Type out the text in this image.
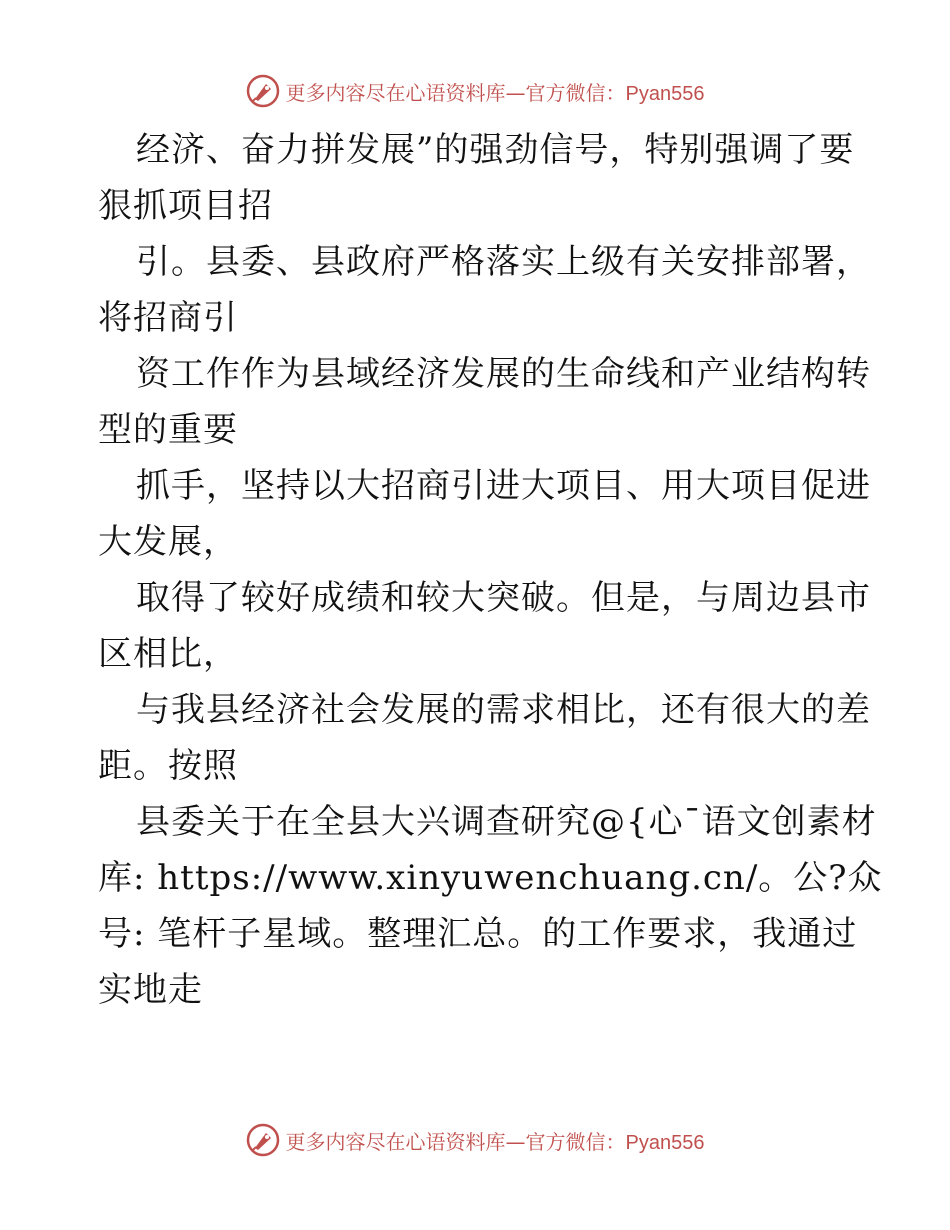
更多内容尽在心语资料库—官方微信：Pyan556
经济、奋力拼发展”的强劲信号，特别强调了要
狠抓项目招
引。县委、县政府严格落实上级有关安排部署，
将招商引
资工作作为县域经济发展的生命线和产业结构转
型的重要
抓手，坚持以大招商引进大项目、用大项目促进
大发展，
取得了较好成绩和较大突破。但是，与周边县市
区相比，
与我县经济社会发展的需求相比，还有很大的差
距。按照
县委关于在全县大兴调查研究@{心¯语文创素材
库: https://www.xinyuwenchuang.cn/。公?众
号: 笔杆子星域。整理汇总。的工作要求，我通过
实地走
更多内容尽在心语资料库—官方微信：Pyan556
